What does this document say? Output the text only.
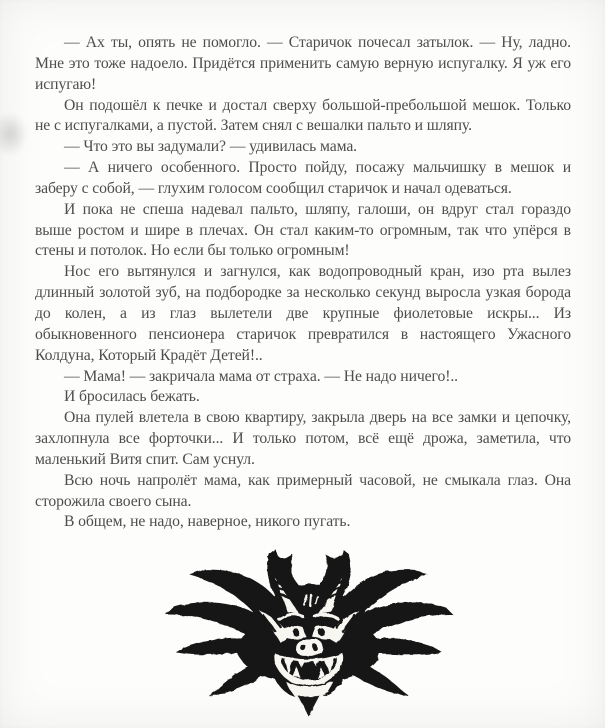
— Ах ты, опять не помогло. — Старичок почесал затылок. — Ну, ладно. Мне это тоже надоело. Придётся применить самую верную испугалку. Я уж его испугаю!

Он подошёл к печке и достал сверху большой-пребольшой мешок. Только не с испугалками, а пустой. Затем снял с вешалки пальто и шляпу.

— Что это вы задумали? — удивилась мама.

— А ничего особенного. Просто пойду, посажу мальчишку в мешок и заберу с собой, — глухим голосом сообщил старичок и начал одеваться.

И пока не спеша надевал пальто, шляпу, галоши, он вдруг стал гораздо выше ростом и шире в плечах. Он стал каким-то огромным, так что упёрся в стены и потолок. Но если бы только огромным!

Нос его вытянулся и загнулся, как водопроводный кран, изо рта вылез длинный золотой зуб, на подбородке за несколько секунд выросла узкая борода до колен, а из глаз вылетели две крупные фиолетовые искры... Из обыкновенного пенсионера старичок превратился в настоящего Ужасного Колдуна, Который Крадёт Детей!..

— Мама! — закричала мама от страха. — Не надо ничего!..

И бросилась бежать.

Она пулей влетела в свою квартиру, закрыла дверь на все замки и цепочку, захлопнула все форточки... И только потом, всё ещё дрожа, заметила, что маленький Витя спит. Сам уснул.

Всю ночь напролёт мама, как примерный часовой, не смыкала глаз. Она сторожила своего сына.

В общем, не надо, наверное, никого пугать.
